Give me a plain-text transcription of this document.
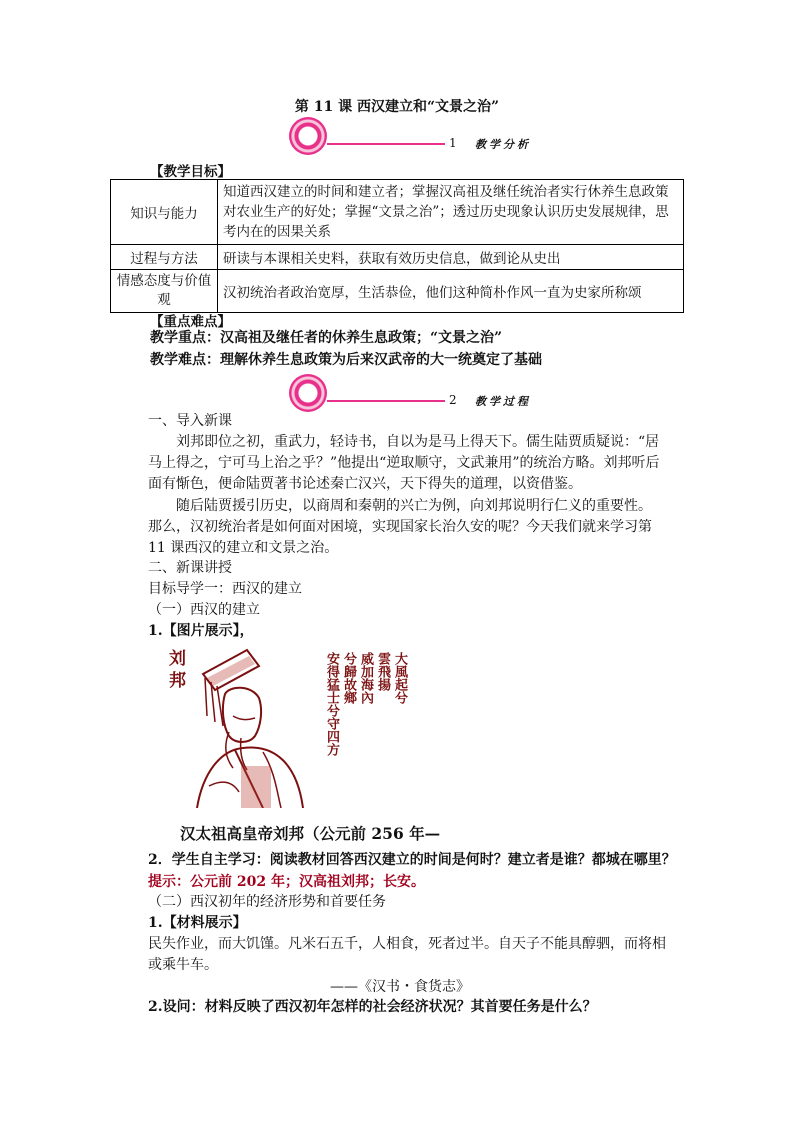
第 11 课 西汉建立和“文景之治”
1 教学分析
【教学目标】
知识与能力	知道西汉建立的时间和建立者；掌握汉高祖及继任统治者实行休养生息政策对农业生产的好处；掌握“文景之治”；透过历史现象认识历史发展规律，思考内在的因果关系
过程与方法	研读与本课相关史料，获取有效历史信息，做到论从史出
情感态度与价值观	汉初统治者政治宽厚，生活恭俭，他们这种简朴作风一直为史家所称颂
【重点难点】
教学重点：汉高祖及继任者的休养生息政策；“文景之治”
教学难点：理解休养生息政策为后来汉武帝的大一统奠定了基础
2 教学过程
一、导入新课
刘邦即位之初，重武力，轻诗书，自以为是马上得天下。儒生陆贾质疑说：“居马上得之，宁可马上治之乎？”他提出“逆取顺守，文武兼用”的统治方略。刘邦听后面有惭色，便命陆贾著书论述秦亡汉兴，天下得失的道理，以资借鉴。
随后陆贾援引历史，以商周和秦朝的兴亡为例，向刘邦说明行仁义的重要性。那么，汉初统治者是如何面对困境，实现国家长治久安的呢？今天我们就来学习第 11 课西汉的建立和文景之治。
二、新课讲授
目标导学一：西汉的建立
（一）西汉的建立
1.【图片展示】，
刘邦	大風起兮
雲飛揚
威加海內
兮歸故鄉
安得猛士兮守四方
汉太祖高皇帝刘邦（公元前 256 年—
2．学生自主学习：阅读教材回答西汉建立的时间是何时？建立者是谁？都城在哪里？
提示：公元前 202 年；汉高祖刘邦；长安。
（二）西汉初年的经济形势和首要任务
1.【材料展示】
民失作业，而大饥馑。凡米石五千，人相食，死者过半。自天子不能具醇驷，而将相或乘牛车。
——《汉书・食货志》
2.设问：材料反映了西汉初年怎样的社会经济状况？其首要任务是什么？
